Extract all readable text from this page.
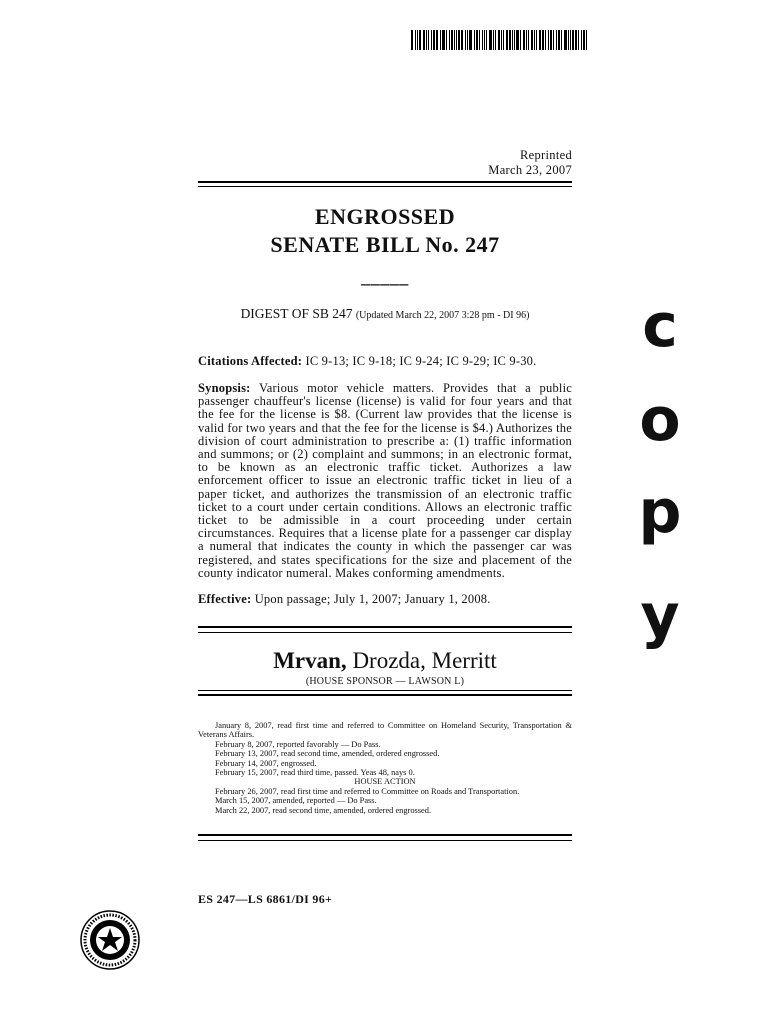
Reprinted
March 23, 2007
ENGROSSED
SENATE BILL No. 247
_____
DIGEST OF SB 247 (Updated March 22, 2007 3:28 pm - DI 96)
Citations Affected: IC 9-13; IC 9-18; IC 9-24; IC 9-29; IC 9-30.
Synopsis: Various motor vehicle matters. Provides that a public passenger chauffeur's license (license) is valid for four years and that the fee for the license is $8. (Current law provides that the license is valid for two years and that the fee for the license is $4.) Authorizes the division of court administration to prescribe a: (1) traffic information and summons; or (2) complaint and summons; in an electronic format, to be known as an electronic traffic ticket. Authorizes a law enforcement officer to issue an electronic traffic ticket in lieu of a paper ticket, and authorizes the transmission of an electronic traffic ticket to a court under certain conditions. Allows an electronic traffic ticket to be admissible in a court proceeding under certain circumstances. Requires that a license plate for a passenger car display a numeral that indicates the county in which the passenger car was registered, and states specifications for the size and placement of the county indicator numeral. Makes conforming amendments.
Effective: Upon passage; July 1, 2007; January 1, 2008.
Mrvan, Drozda, Merritt
(HOUSE SPONSOR — LAWSON L)
January 8, 2007, read first time and referred to Committee on Homeland Security, Transportation & Veterans Affairs.
February 8, 2007, reported favorably — Do Pass.
February 13, 2007, read second time, amended, ordered engrossed.
February 14, 2007, engrossed.
February 15, 2007, read third time, passed. Yeas 48, nays 0.
HOUSE ACTION
February 26, 2007, read first time and referred to Committee on Roads and Transportation.
March 15, 2007, amended, reported — Do Pass.
March 22, 2007, read second time, amended, ordered engrossed.
ES 247—LS 6861/DI 96+
c
o
p
y
